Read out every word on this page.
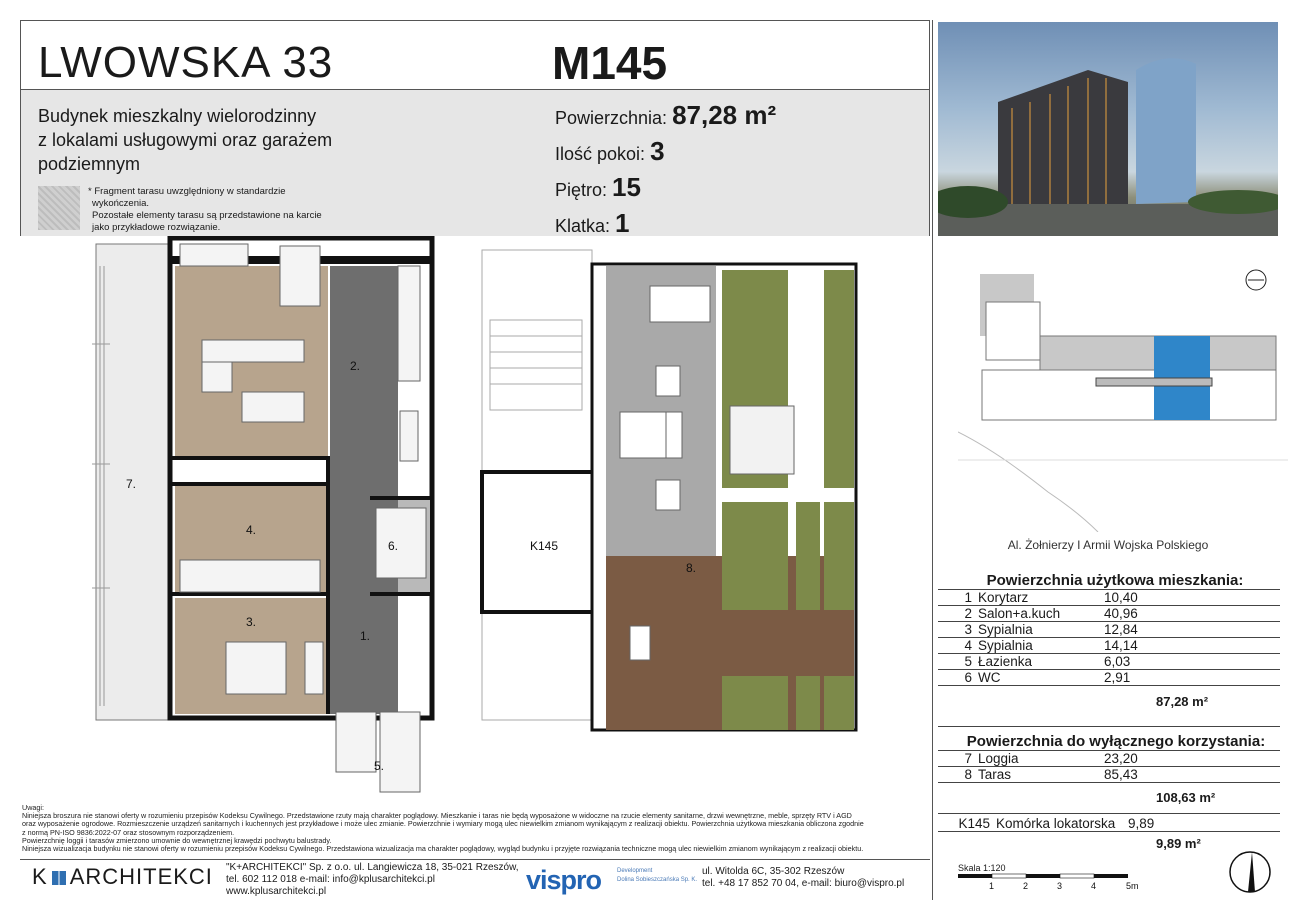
LWOWSKA 33	M145
Budynek mieszkalny wielorodzinny
z lokalami usługowymi oraz garażem
podziemnym
* Fragment tarasu uwzględniony w standardzie
wykończenia.
Pozostałe elementy tarasu są przedstawione na karcie
jako przykładowe rozwiązanie.
Powierzchnia: 87,28 m²
Ilość pokoi: 3
Piętro: 15
Klatka: 1
2.
7.
4.
6.
3.
1.
5.
K145
8.
Al. Żołnierzy I Armii Wojska Polskiego
Powierzchnia użytkowa mieszkania:
1 Korytarz	10,40
2 Salon+a.kuch	40,96
3 Sypialnia	12,84
4 Sypialnia	14,14
5 Łazienka	6,03
6 WC	2,91
87,28 m²
Powierzchnia do wyłącznego korzystania:
7 Loggia	23,20
8 Taras	85,43
108,63 m²
K145 Komórka lokatorska 9,89
9,89 m²
Uwagi:
Niniejsza broszura nie stanowi oferty w rozumieniu przepisów Kodeksu Cywilnego. Przedstawione rzuty mają charakter poglądowy. Mieszkanie i taras nie będą wyposażone w widoczne na rzucie elementy sanitarne, drzwi wewnętrzne, meble, sprzęty RTV i AGD
oraz wyposażenie ogrodowe. Rozmieszczenie urządzeń sanitarnych i kuchennych jest przykładowe i może ulec zmianie. Powierzchnie i wymiary mogą ulec niewielkim zmianom wynikającym z realizacji obiektu. Powierzchnia użytkowa mieszkania obliczona zgodnie
z normą PN-ISO 9836:2022-07 oraz stosownym rozporządzeniem.
Powierzchnię loggii i tarasów zmierzono umownie do wewnętrznej krawędzi pochwytu balustrady.
Niniejsza wizualizacja budynku nie stanowi oferty w rozumieniu przepisów Kodeksu Cywilnego. Przedstawiona wizualizacja ma charakter poglądowy, wygląd budynku i przyjęte rozwiązania techniczne mogą ulec niewielkim zmianom wynikającym z realizacji obiektu.
K ARCHITEKCI "K+ARCHITEKCI" Sp. z o.o. ul. Langiewicza 18, 35-021 Rzeszów,
tel. 602 112 018 e-mail: info@kplusarchitekci.pl
www.kplusarchitekci.pl	vispro	Development
Dolina Sobieszczańska Sp. K.
ul. Witolda 6C, 35-302 Rzeszów
tel. +48 17 852 70 04, e-mail: biuro@vispro.pl
Skala 1:120
1	2	3	4	5m
